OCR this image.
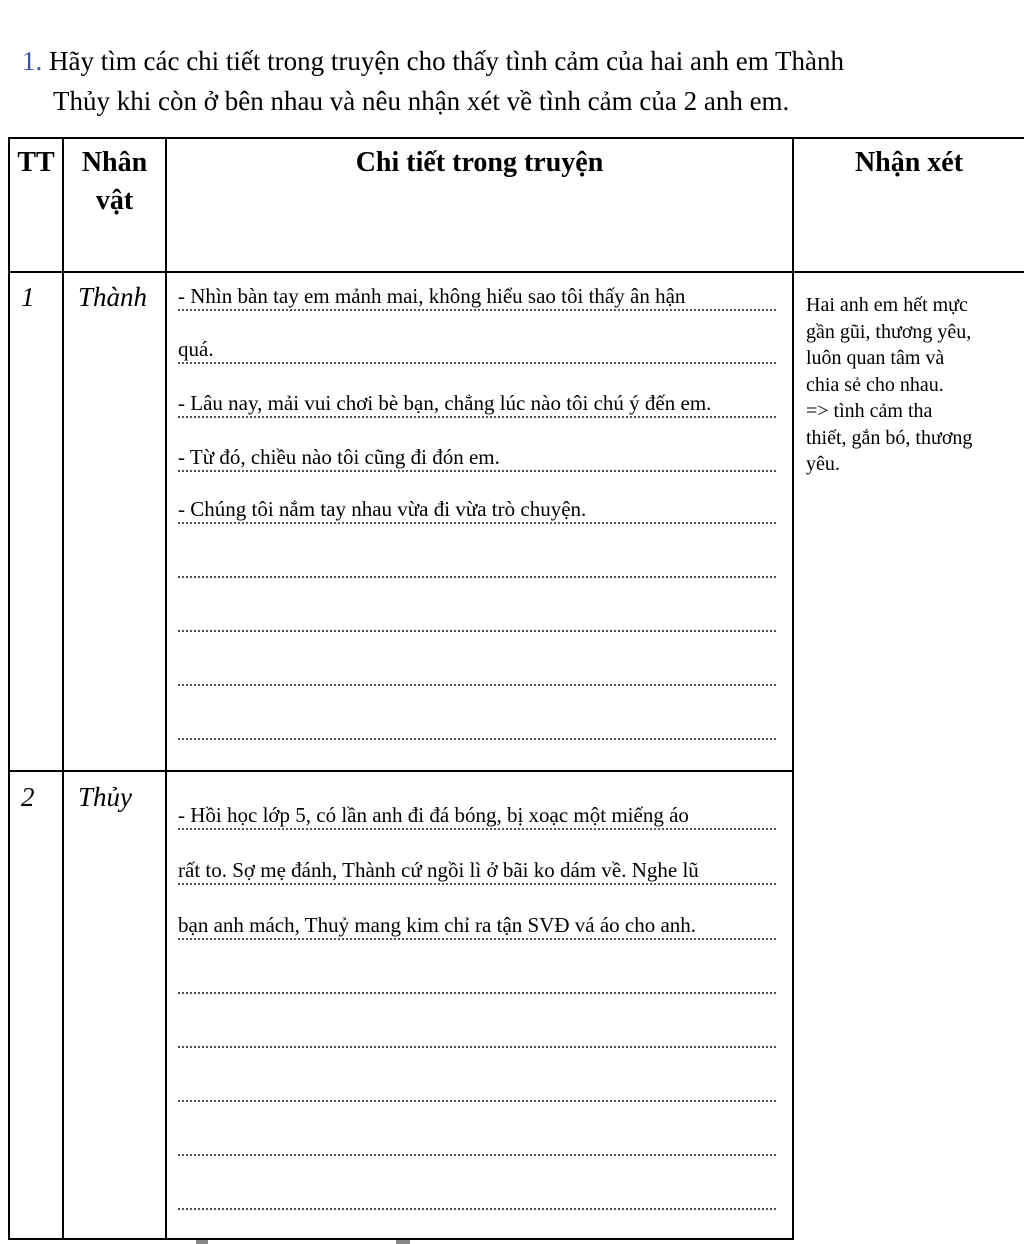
1. Hãy tìm các chi tiết trong truyện cho thấy tình cảm của hai anh em Thành
Thủy khi còn ở bên nhau và nêu nhận xét về tình cảm của 2 anh em.
TT Nhân
vật
Chi tiết trong truyện	Nhận xét
1 Thành - Nhìn bàn tay em mảnh mai, không hiểu sao tôi thấy ân hận
quá.
- Lâu nay, mải vui chơi bè bạn, chẳng lúc nào tôi chú ý đến em.
- Từ đó, chiều nào tôi cũng đi đón em.
- Chúng tôi nắm tay nhau vừa đi vừa trò chuyện.
Hai anh em hết mực
gần gũi, thương yêu,
luôn quan tâm và
chia sẻ cho nhau.
=> tình cảm tha
thiết, gắn bó, thương
yêu.
2 Thủy
- Hồi học lớp 5, có lần anh đi đá bóng, bị xoạc một miếng áo
rất to. Sợ mẹ đánh, Thành cứ ngồi lì ở bãi ko dám về. Nghe lũ
bạn anh mách, Thuỷ mang kim chỉ ra tận SVĐ vá áo cho anh.
